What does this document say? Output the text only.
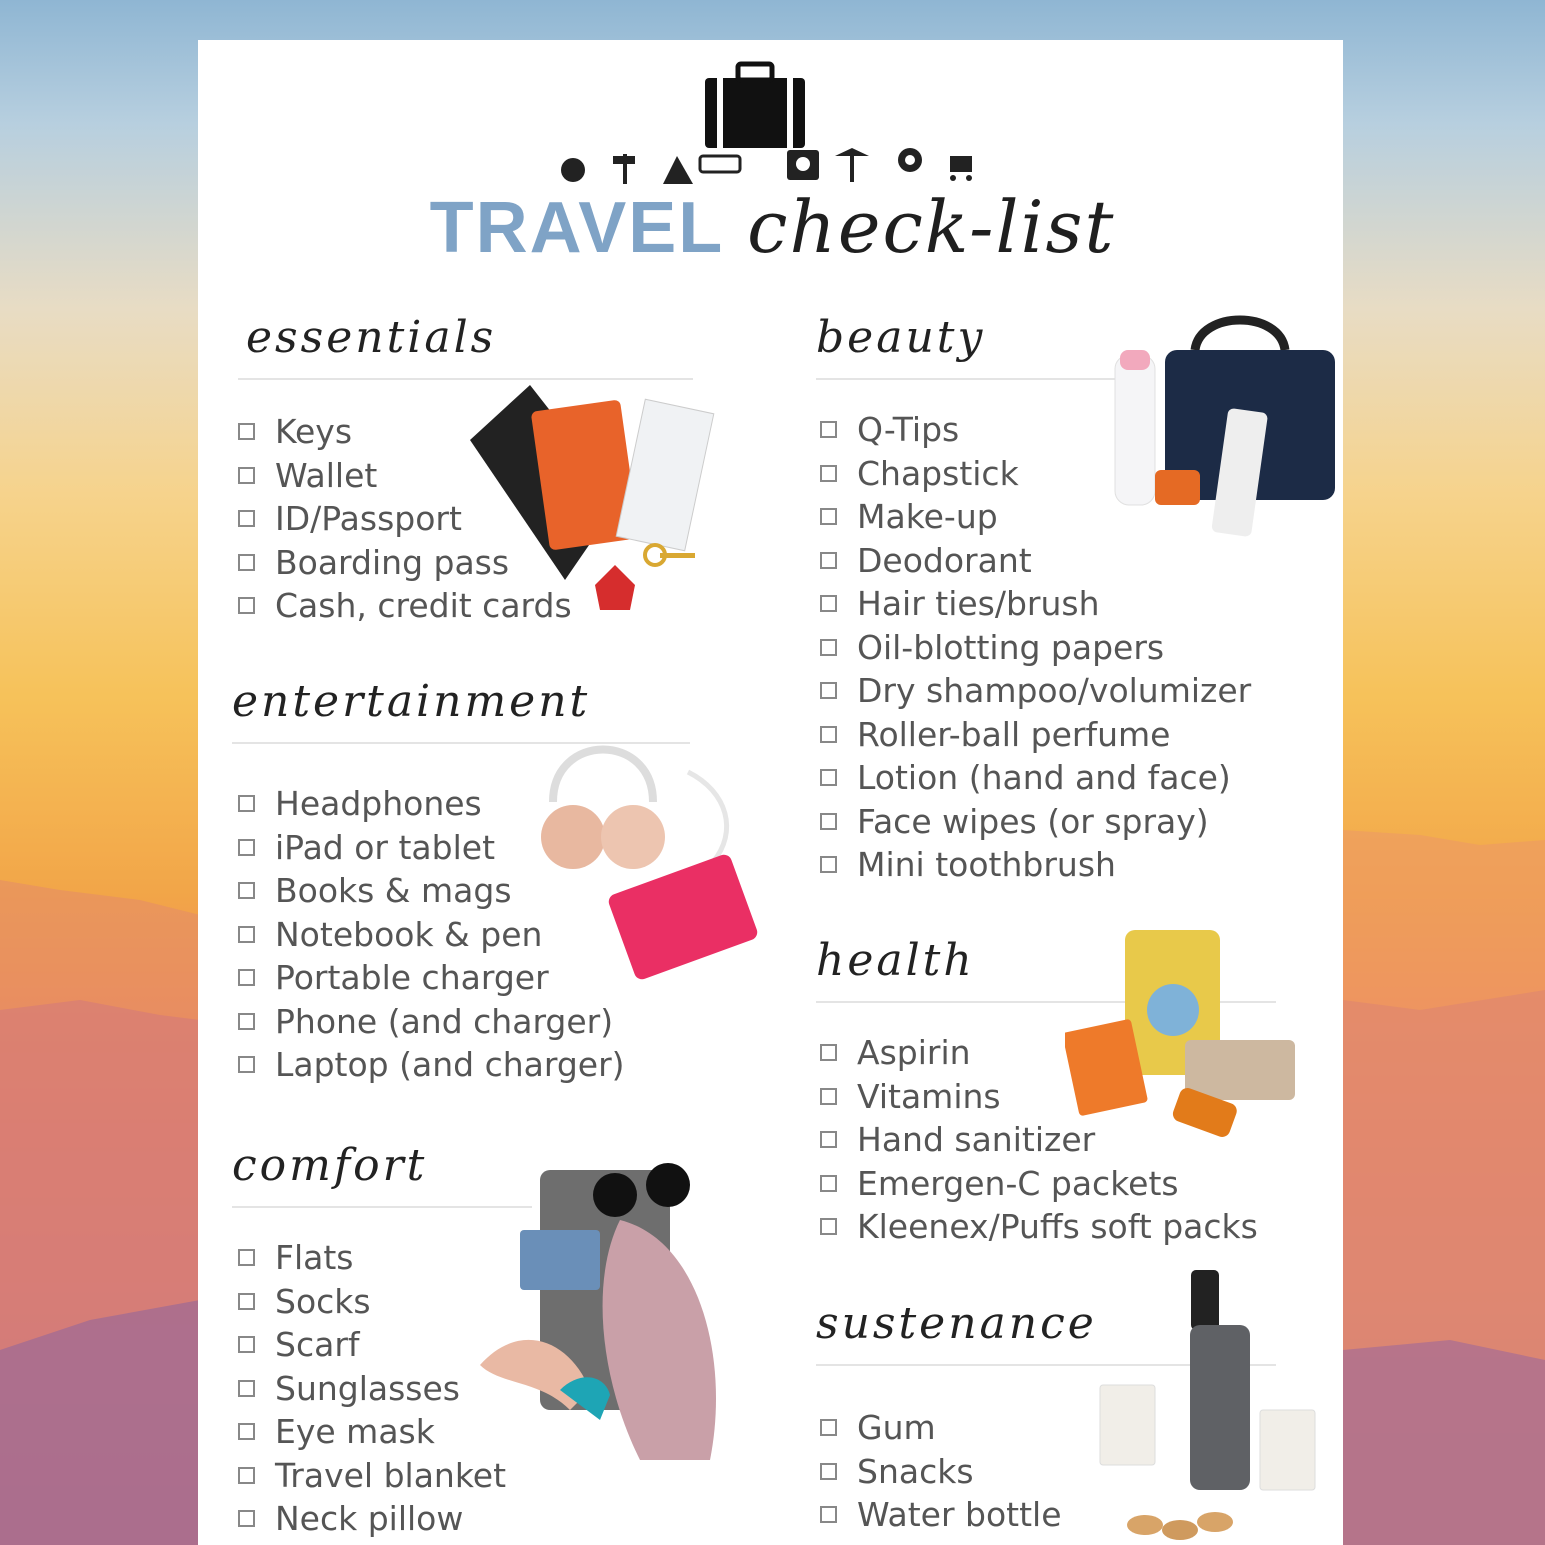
TRAVEL check-list
essentials
Keys
Wallet
ID/Passport
Boarding pass
Cash, credit cards
entertainment
Headphones
iPad or tablet
Books & mags
Notebook & pen
Portable charger
Phone (and charger)
Laptop (and charger)
comfort
Flats
Socks
Scarf
Sunglasses
Eye mask
Travel blanket
Neck pillow
beauty
Q-Tips
Chapstick
Make-up
Deodorant
Hair ties/brush
Oil-blotting papers
Dry shampoo/volumizer
Roller-ball perfume
Lotion (hand and face)
Face wipes (or spray)
Mini toothbrush
health
Aspirin
Vitamins
Hand sanitizer
Emergen-C packets
Kleenex/Puffs soft packs
sustenance
Gum
Snacks
Water bottle
